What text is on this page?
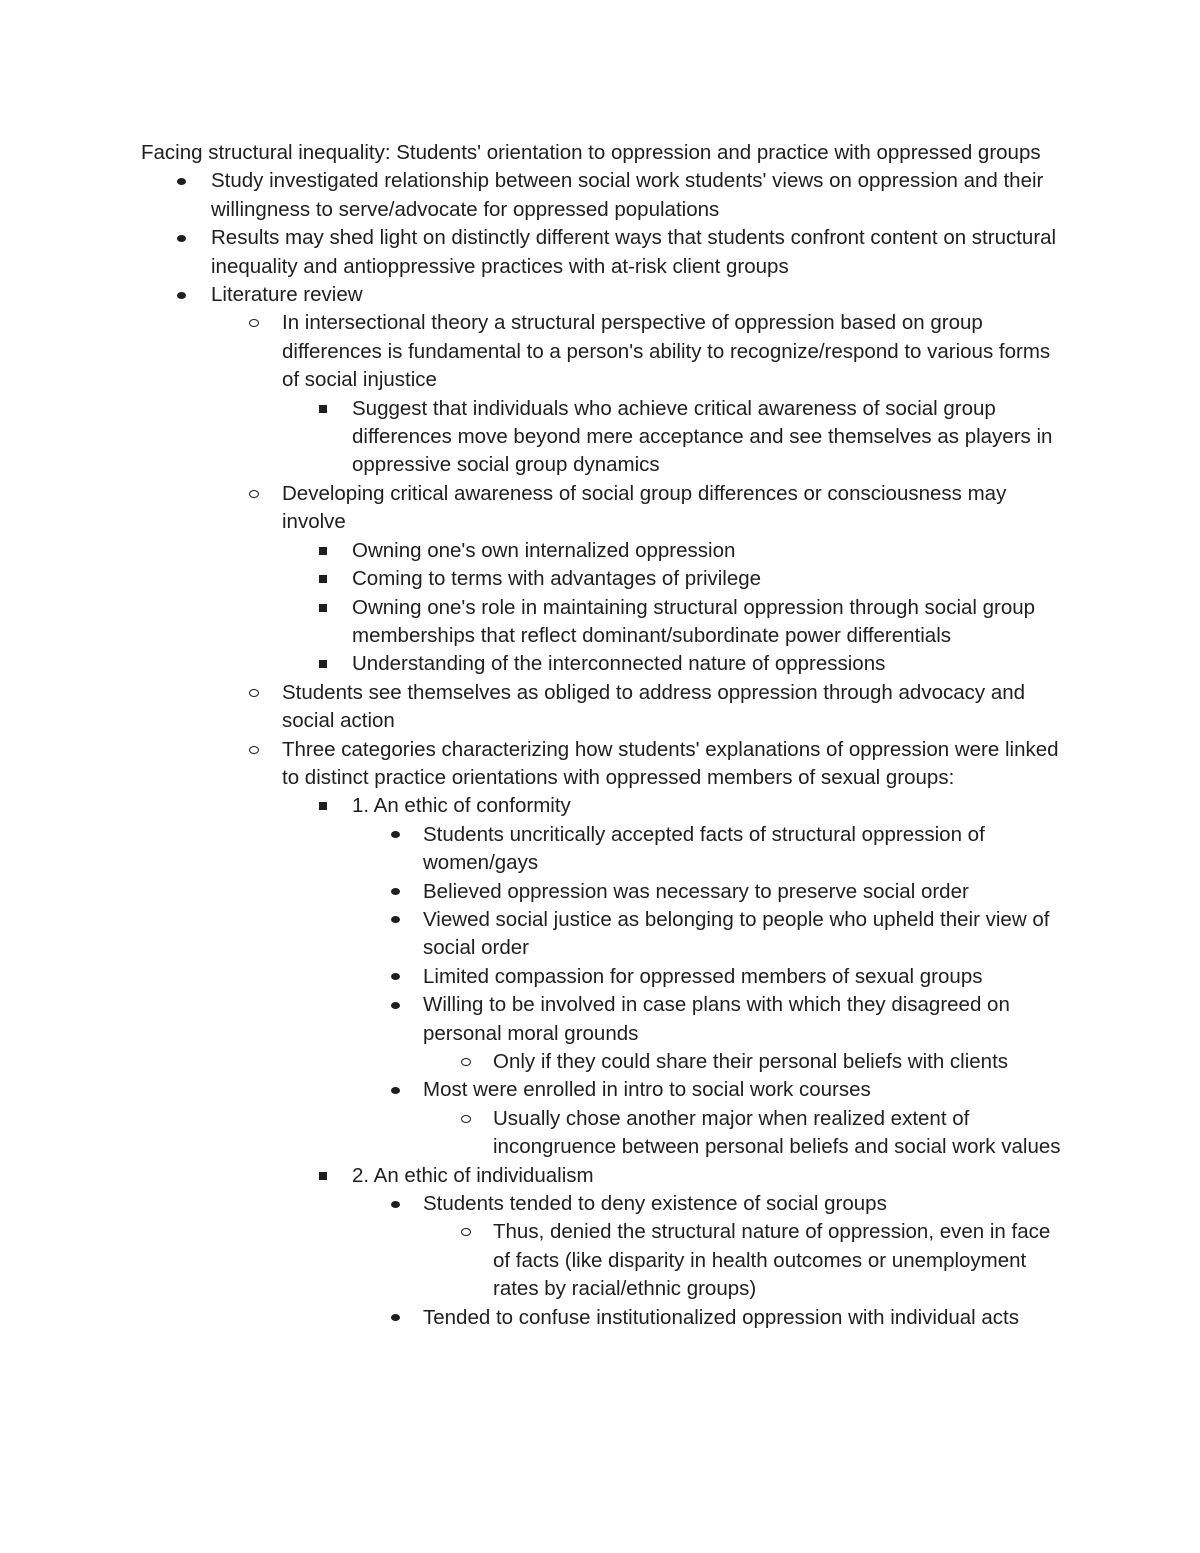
Facing structural inequality: Students' orientation to oppression and practice with oppressed groups

Study investigated relationship between social work students' views on oppression and their willingness to serve/advocate for oppressed populations
Results may shed light on distinctly different ways that students confront content on structural inequality and antioppressive practices with at-risk client groups
Literature review
In intersectional theory a structural perspective of oppression based on group differences is fundamental to a person's ability to recognize/respond to various forms of social injustice
Suggest that individuals who achieve critical awareness of social group differences move beyond mere acceptance and see themselves as players in oppressive social group dynamics
Developing critical awareness of social group differences or consciousness may involve
Owning one's own internalized oppression
Coming to terms with advantages of privilege
Owning one's role in maintaining structural oppression through social group memberships that reflect dominant/subordinate power differentials
Understanding of the interconnected nature of oppressions
Students see themselves as obliged to address oppression through advocacy and social action
Three categories characterizing how students' explanations of oppression were linked to distinct practice orientations with oppressed members of sexual groups:
1. An ethic of conformity
Students uncritically accepted facts of structural oppression of women/gays
Believed oppression was necessary to preserve social order
Viewed social justice as belonging to people who upheld their view of social order
Limited compassion for oppressed members of sexual groups
Willing to be involved in case plans with which they disagreed on personal moral grounds
Only if they could share their personal beliefs with clients
Most were enrolled in intro to social work courses
Usually chose another major when realized extent of incongruence between personal beliefs and social work values
2. An ethic of individualism
Students tended to deny existence of social groups
Thus, denied the structural nature of oppression, even in face of facts (like disparity in health outcomes or unemployment rates by racial/ethnic groups)
Tended to confuse institutionalized oppression with individual acts
